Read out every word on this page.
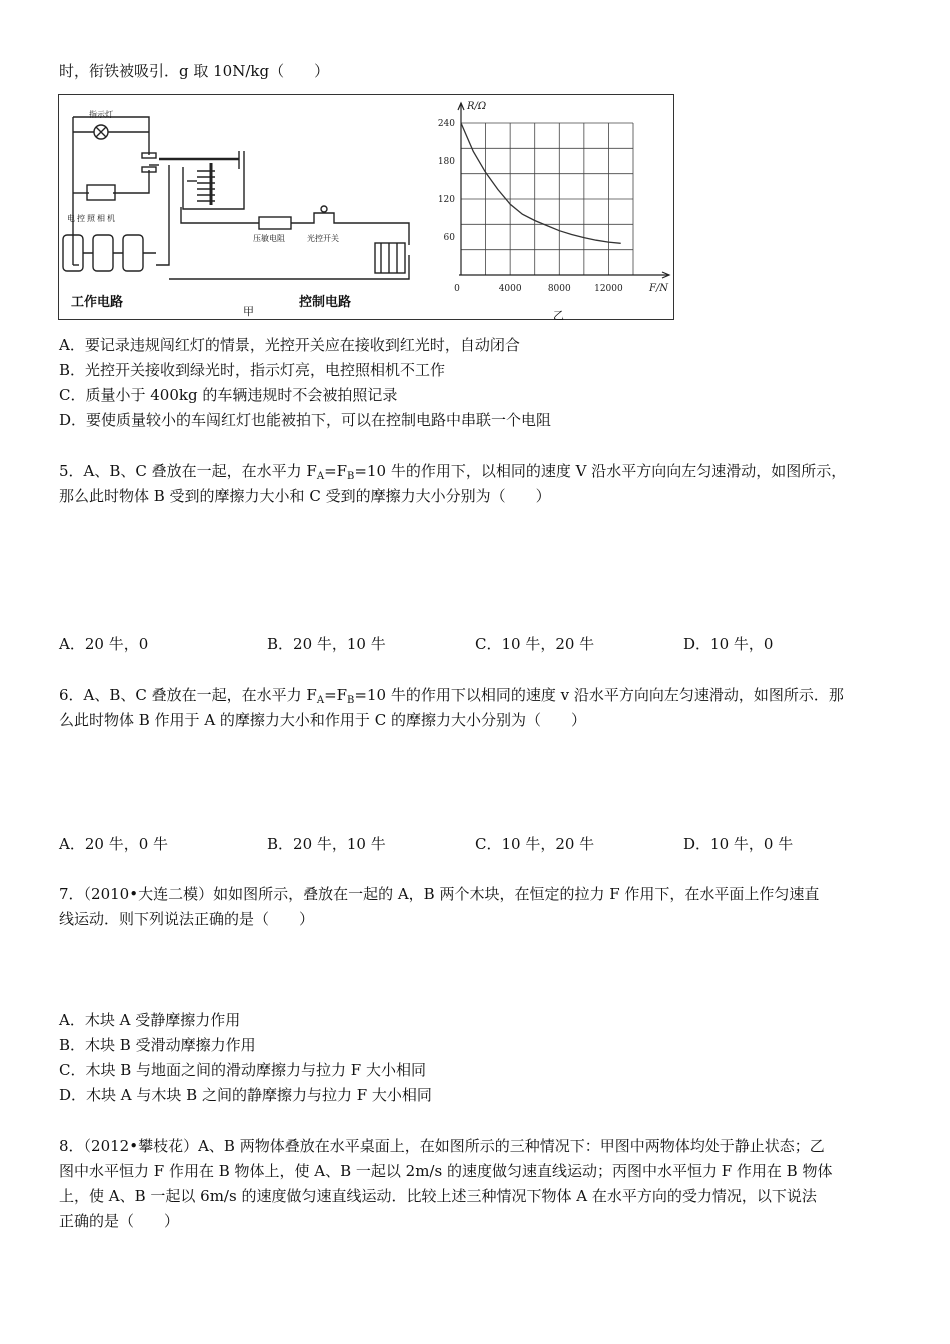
时，衔铁被吸引．g 取 10N/kg（　　）
0	4000	8000	12000
240
180
120
60
F/N
R/Ω
指示灯
电控照相机
压敏电阻	光控开关
工作电路
甲
控制电路
乙
A．要记录违规闯红灯的情景，光控开关应在接收到红光时，自动闭合
B．光控开关接收到绿光时，指示灯亮，电控照相机不工作
C．质量小于 400kg 的车辆违规时不会被拍照记录
D．要使质量较小的车闯红灯也能被拍下，可以在控制电路中串联一个电阻
5．A、B、C 叠放在一起，在水平力 $F_A=F_B=10$ 牛的作用下，以相同的速度 V 沿水平方向向左匀速滑动，如图所示，
那么此时物体 B 受到的摩擦力大小和 C 受到的摩擦力大小分别为（　　）
A．20 牛，0	B．20 牛，10 牛	C．10 牛，20 牛	D．10 牛，0
6．A、B、C 叠放在一起，在水平力 $F_A=F_B=10$ 牛的作用下以相同的速度 v 沿水平方向向左匀速滑动，如图所示．那
么此时物体 B 作用于 A 的摩擦力大小和作用于 C 的摩擦力大小分别为（　　）
A．20 牛，0 牛	B．20 牛，10 牛	C．10 牛，20 牛	D．10 牛，0 牛
7．（2010•大连二模）如如图所示，叠放在一起的 A，B 两个木块，在恒定的拉力 F 作用下，在水平面上作匀速直
线运动．则下列说法正确的是（　　）
A．木块 A 受静摩擦力作用
B．木块 B 受滑动摩擦力作用
C．木块 B 与地面之间的滑动摩擦力与拉力 F 大小相同
D．木块 A 与木块 B 之间的静摩擦力与拉力 F 大小相同
8．（2012•攀枝花）A、B 两物体叠放在水平桌面上，在如图所示的三种情况下：甲图中两物体均处于静止状态；乙
图中水平恒力 F 作用在 B 物体上，使 A、B 一起以 2m/s 的速度做匀速直线运动；丙图中水平恒力 F 作用在 B 物体
上，使 A、B 一起以 6m/s 的速度做匀速直线运动．比较上述三种情况下物体 A 在水平方向的受力情况，以下说法
正确的是（　　）
